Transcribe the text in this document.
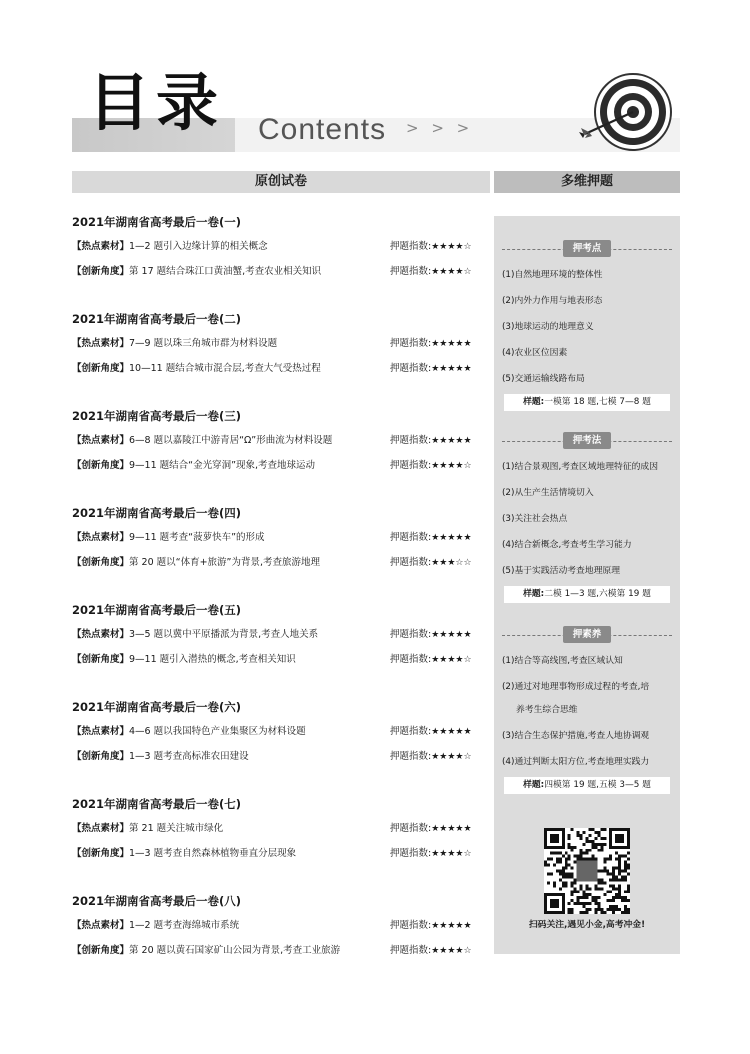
目录 Contents > > >
原创试卷	多维押题
2021年湖南省高考最后一卷(一)
【热点素材】1—2 题引入边缘计算的相关概念	押题指数:★★★★☆
【创新角度】第 17 题结合珠江口黄油蟹,考查农业相关知识	押题指数:★★★★☆
2021年湖南省高考最后一卷(二)
【热点素材】7—9 题以珠三角城市群为材料设题	押题指数:★★★★★
【创新角度】10—11 题结合城市混合层,考查大气受热过程	押题指数:★★★★★
2021年湖南省高考最后一卷(三)
【热点素材】6—8 题以嘉陵江中游青居“Ω”形曲流为材料设题	押题指数:★★★★★
【创新角度】9—11 题结合“金光穿洞”现象,考查地球运动	押题指数:★★★★☆
2021年湖南省高考最后一卷(四)
【热点素材】9—11 题考查“菠萝快车”的形成	押题指数:★★★★★
【创新角度】第 20 题以“体育+旅游”为背景,考查旅游地理	押题指数:★★★☆☆
2021年湖南省高考最后一卷(五)
【热点素材】3—5 题以冀中平原播派为背景,考查人地关系	押题指数:★★★★★
【创新角度】9—11 题引入潜热的概念,考查相关知识	押题指数:★★★★☆
2021年湖南省高考最后一卷(六)
【热点素材】4—6 题以我国特色产业集聚区为材料设题	押题指数:★★★★★
【创新角度】1—3 题考查高标准农田建设	押题指数:★★★★☆
2021年湖南省高考最后一卷(七)
【热点素材】第 21 题关注城市绿化	押题指数:★★★★★
【创新角度】1—3 题考查自然森林植物垂直分层现象	押题指数:★★★★☆
2021年湖南省高考最后一卷(八)
【热点素材】1—2 题考查海绵城市系统	押题指数:★★★★★
【创新角度】第 20 题以黄石国家矿山公园为背景,考查工业旅游	押题指数:★★★★☆
押考点
(1)自然地理环境的整体性
(2)内外力作用与地表形态
(3)地球运动的地理意义
(4)农业区位因素
(5)交通运输线路布局
样题:一模第 18 题,七模 7—8 题
押考法
(1)结合景观图,考查区域地理特征的成因
(2)从生产生活情境切入
(3)关注社会热点
(4)结合新概念,考查考生学习能力
(5)基于实践活动考查地理原理
样题:二模 1—3 题,六模第 19 题
押素养
(1)结合等高线图,考查区域认知
(2)通过对地理事物形成过程的考查,培
养考生综合思维
(3)结合生态保护措施,考查人地协调观
(4)通过判断太阳方位,考查地理实践力
样题:四模第 19 题,五模 3—5 题
扫码关注,遇见小金,高考冲金!
